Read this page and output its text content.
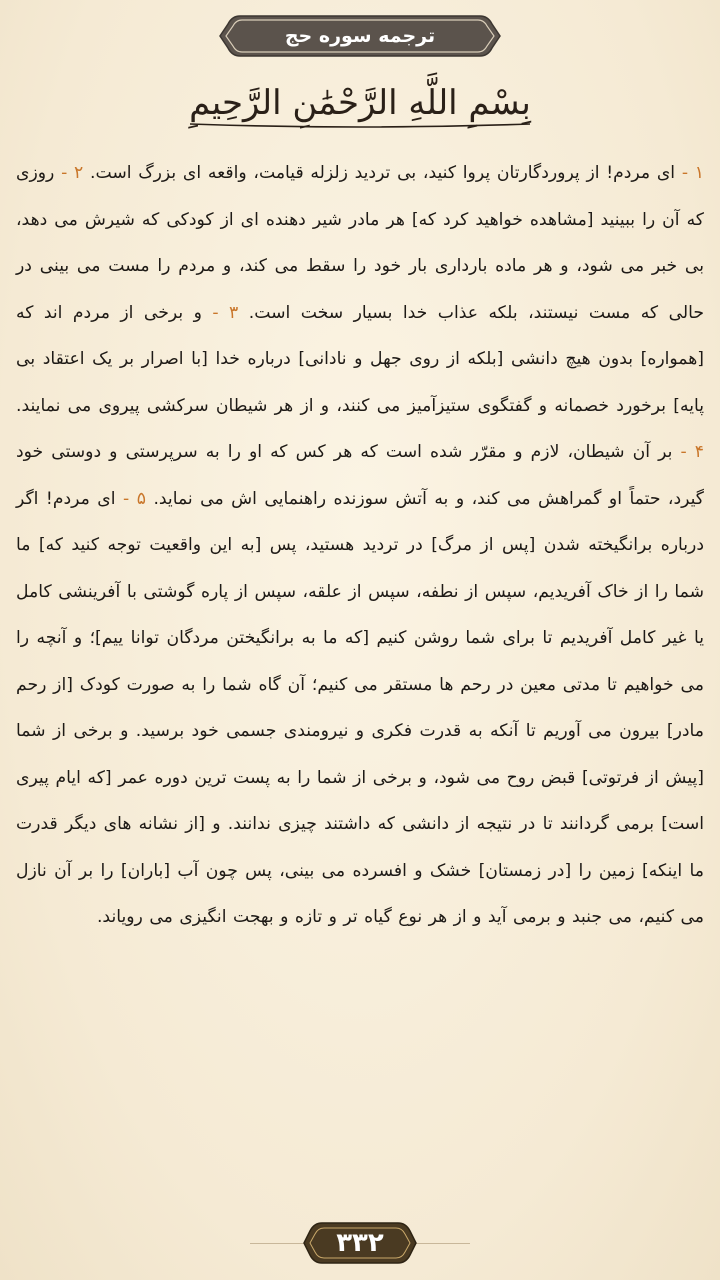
ترجمه سوره حج
بِسْمِ اللَّهِ الرَّحْمَٰنِ الرَّحِيمِ
۱ - ای مردم! از پروردگارتان پروا کنید، بی تردید زلزله قیامت، واقعه ای بزرگ است. ۲ - روزی که آن را ببینید [مشاهده خواهید کرد که] هر مادر شیر دهنده ای از کودکی که شیرش می دهد، بی خبر می شود، و هر ماده بارداری بار خود را سقط می کند، و مردم را مست می بینی در حالی که مست نیستند، بلکه عذاب خدا بسیار سخت است. ۳ - و برخی از مردم اند که [همواره] بدون هیچ دانشی [بلکه از روی جهل و نادانی] درباره خدا [با اصرار بر یک اعتقاد بی پایه] برخورد خصمانه و گفتگوی ستیزآمیز می کنند، و از هر شیطان سرکشی پیروی می نمایند. ۴ - بر آن شیطان، لازم و مقرّر شده است که هر کس که او را به سرپرستی و دوستی خود گیرد، حتماً او گمراهش می کند، و به آتش سوزنده راهنمایی اش می نماید. ۵ - ای مردم! اگر درباره برانگیخته شدن [پس از مرگ] در تردید هستید، پس [به این واقعیت توجه کنید که] ما شما را از خاک آفریدیم، سپس از نطفه، سپس از علقه، سپس از پاره گوشتی با آفرینشی کامل یا غیر کامل آفریدیم تا برای شما روشن کنیم [که ما به برانگیختن مردگان توانا ییم]؛ و آنچه را می خواهیم تا مدتی معین در رحم ها مستقر می کنیم؛ آن گاه شما را به صورت کودک [از رحم مادر] بیرون می آوریم تا آنکه به قدرت فکری و نیرومندی جسمی خود برسید. و برخی از شما [پیش از فرتوتی] قبض روح می شود، و برخی از شما را به پست ترین دوره عمر [که ایام پیری است] برمی گردانند تا در نتیجه از دانشی که داشتند چیزی ندانند. و [از نشانه های دیگر قدرت ما اینکه] زمین را [در زمستان] خشک و افسرده می بینی، پس چون آب [باران] را بر آن نازل می کنیم، می جنبد و برمی آید و از هر نوع گیاه تر و تازه و بهجت انگیزی می رویاند.
۳۳۲
